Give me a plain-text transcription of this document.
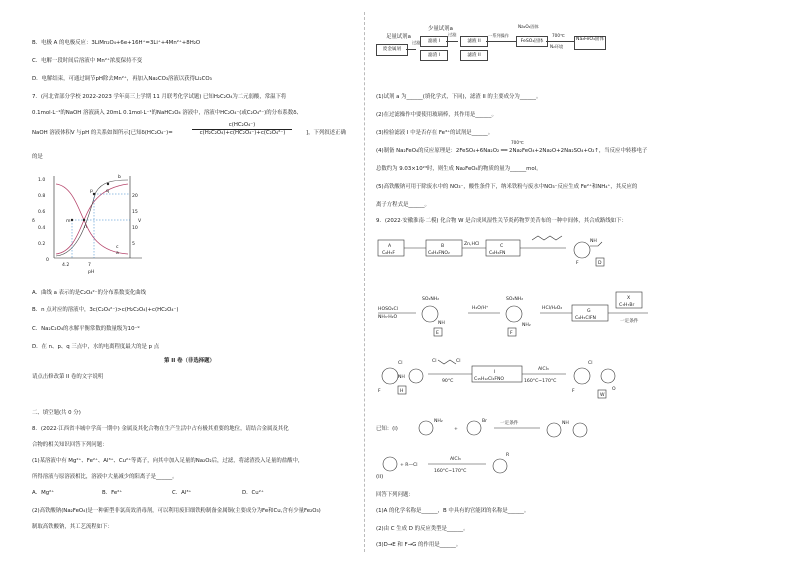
B．电极 A 的电极反应：3LiMn₂O₄+6e+16H⁺=3Li⁺+4Mn²⁺+8H₂O
C．电解一段时间后溶液中 Mn²⁺浓度保持不变
D．电解结束，可通过调节pH除去Mn²⁺，再加入Na₂CO₃溶液以获得Li₂CO₃
7．(河北省部分学校 2022-2023 学年高三上学期 11 月联考化学试题) 已知H₂C₂O₄为二元弱酸，常温下将
0.1mol·L⁻¹的NaOH 溶液滴入 20mL 0.1mol·L⁻¹的NaHC₂O₄ 溶液中，溶液中HC₂O₄⁻(或C₂O₄²⁻)的分布系数δ、
NaOH 溶液体积V 与pH 的关系如图所示[已知δ(HC₂O₄⁻)=
c(HC₂O₄⁻)
c(H₂C₂O₄)+c(HC₂O₄⁻)+c(C₂O₄²⁻)	]，下列叙述正确
的是
1.0
0.8
0.6
0.4
0.2
0
δ	V
20
15
10
5
4.2	7
pH
b
p	q
m
n
c
a
A．曲线 a 表示的是C₂O₄²⁻的分布系数变化曲线
B．n 点对应的溶液中，3c(C₂O₄²⁻)>c(H₂C₂O₄)+c(HC₂O₄⁻)
C．Na₂C₂O₄的水解平衡常数的数量级为10⁻⁹
D．在 n、p、q 三点中，水的电离程度最大的是 p 点
第 II 卷（非选择题）
请点击修改第 II 卷的文字说明
二、填空题(共 0 分)
8．(2022·江西省丰城中学高一期中) 金属及其化合物在生产生活中占有极其重要的地位，请结合金属及其化
合物的相关知识回答下列问题：
(1)某溶液中有 Mg²⁺、Fe²⁺、Al³⁺、Cu²⁺等离子，向其中加入足量的Na₂O₂后，过滤，将滤渣投入足量的盐酸中，
所得溶液与原溶液相比，溶液中大量减少的阳离子是______。
A．Mg²⁺	B．Fe²⁺	C．Al³⁺	D．Cu²⁺
(2)高铁酸钠(Na₂FeO₄)是一种新型非氯高效消毒剂，可以利用废旧细铁粉制备金属铜(主要成分为Fe和Cu,含有少量Fe₂O₃)
制取高铁酸钠，其工艺流程如下：
足量试剂a
少量试剂a
废金属屑
过滤	滤液 I
滤渣 I
过滤
滤液 II
滤渣 II
一系列操作
FeSO₄固体
Na₂O₂固体
700℃
N₂环境
Na₂FeO₄固体
(1)试剂 a 为______(填化学式，下同)，滤渣 II 的主要成分为______。
(2)在过滤操作中要使用玻璃棒，其作用是______。
(3)检验滤液 I 中是否存在 Fe³⁺的试剂是______。
(4)制备 Na₂FeO₄的反应原理是：2FeSO₄+6Na₂O₂ ══ 2Na₂FeO₄+2Na₂O+2Na₂SO₄+O₂↑，当反应中转移电子
700℃
总数约为 9.03×10²³时，则生成 Na₂FeO₄的物质的量为______mol。
(5)高铁酸钠可用于除废水中的 NO₃⁻，酸性条件下，纳米铁粉与废水中NO₃⁻反应生成 Fe²⁺和NH₄⁺，其反应的
离子方程式是______。
9．(2022·安徽淮南·二模) 化合物 W 是合成风湿性关节炎药物罗美昔布的一种中间体，其合成路线如下：
A
C₆H₅F
B
C₆H₄FNO₂
Zn,HCl	C
C₆H₆FN
NH
F	D
HOSO₂Cl
NH₃·H₂O
SO₂NH₂
NH
E
H₂O/H⁺
SO₂NH₂
NH₂
F
HCl/H₂O₂
G
C₆H₅ClFN
X
C₇H₇Br
一定条件
Cl
F
NH
H
Cl	Cl
90°C
I
C₁₅H₁₂Cl₂FNO
AlCl₃
160°C~170°C
Cl
F	O
W
NH₂
+
Br	一定条件	NH
+ R—Cl
AlCl₃
160°C~170°C
R
已知：(i)
(ii)
回答下列问题：
(1)A 的化学名称是______，B 中具有的官能团的名称是______。
(2)由 C 生成 D 的反应类型是______。
(3)D→E 和 F→G 的作用是______。
